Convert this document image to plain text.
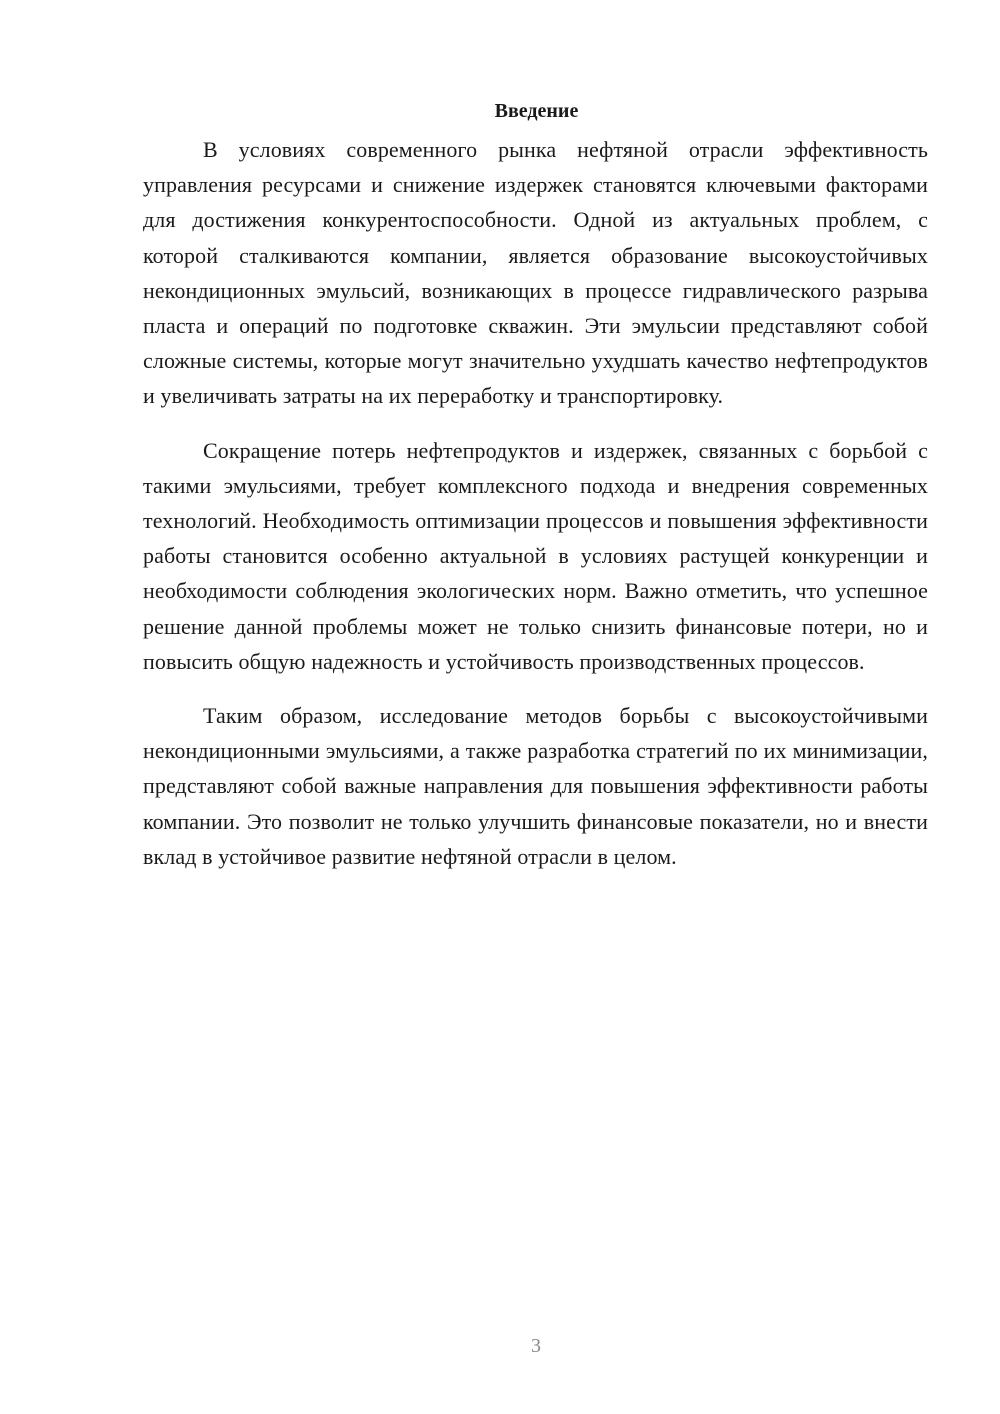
Введение

В условиях современного рынка нефтяной отрасли эффективность управления ресурсами и снижение издержек становятся ключевыми факторами для достижения конкурентоспособности. Одной из актуальных проблем, с которой сталкиваются компании, является образование высокоустойчивых некондиционных эмульсий, возникающих в процессе гидравлического разрыва пласта и операций по подготовке скважин. Эти эмульсии представляют собой сложные системы, которые могут значительно ухудшать качество нефтепродуктов и увеличивать затраты на их переработку и транспортировку.

Сокращение потерь нефтепродуктов и издержек, связанных с борьбой с такими эмульсиями, требует комплексного подхода и внедрения современных технологий. Необходимость оптимизации процессов и повышения эффективности работы становится особенно актуальной в условиях растущей конкуренции и необходимости соблюдения экологических норм. Важно отметить, что успешное решение данной проблемы может не только снизить финансовые потери, но и повысить общую надежность и устойчивость производственных процессов.

Таким образом, исследование методов борьбы с высокоустойчивыми некондиционными эмульсиями, а также разработка стратегий по их минимизации, представляют собой важные направления для повышения эффективности работы компании. Это позволит не только улучшить финансовые показатели, но и внести вклад в устойчивое развитие нефтяной отрасли в целом.

3
